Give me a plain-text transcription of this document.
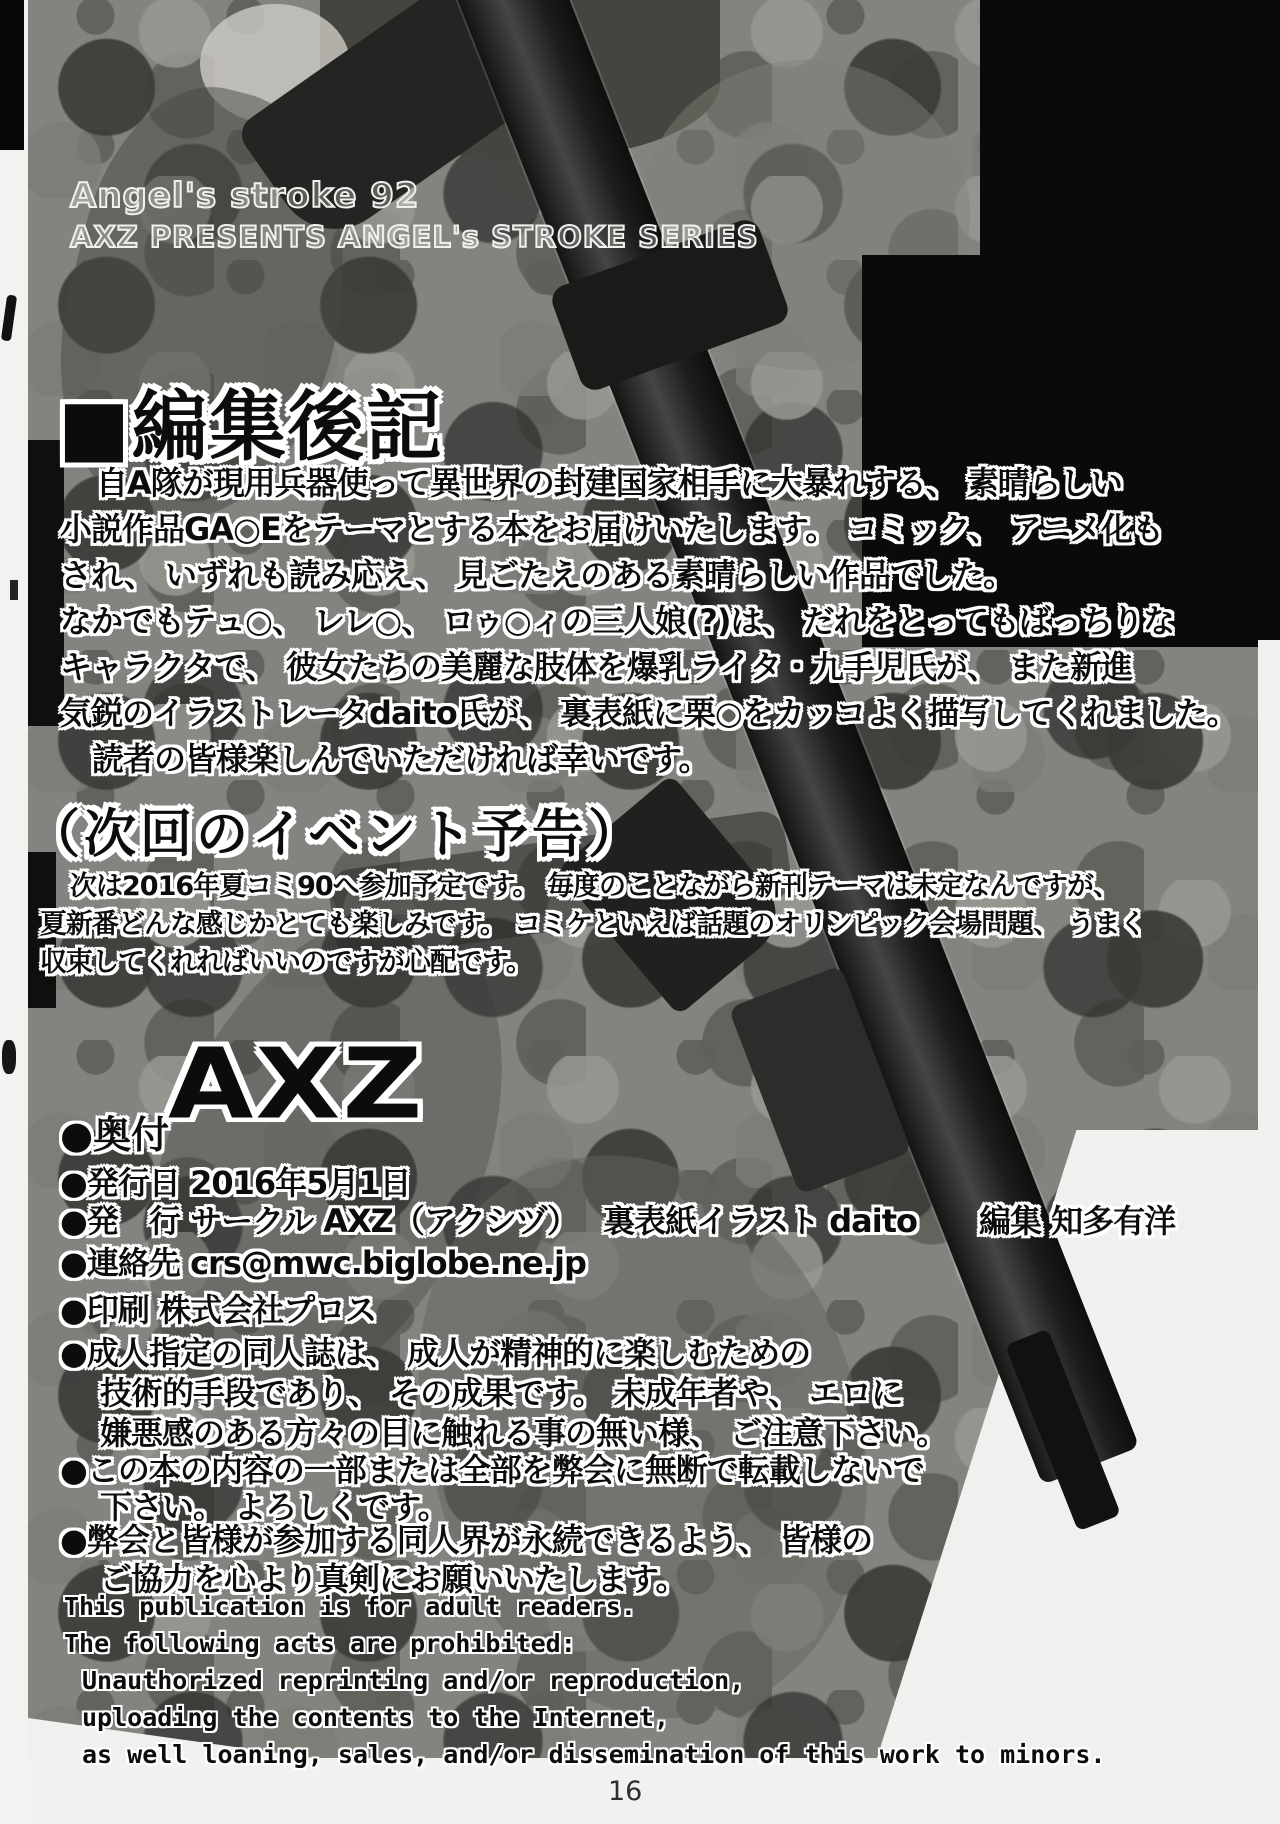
Angel's stroke 92
AXZ PRESENTS ANGEL's STROKE SERIES
■編集後記
自A隊が現用兵器使って異世界の封建国家相手に大暴れする、 素晴らしい
小説作品GA○Eをテーマとする本をお届けいたします。 コミック、 アニメ化も
され、 いずれも読み応え、 見ごたえのある素晴らしい作品でした。
なかでもテュ○、 レレ○、 ロゥ○ィの三人娘(?)は、 だれをとってもばっちりな
キャラクタで、 彼女たちの美麗な肢体を爆乳ライタ・九手児氏が、 また新進
気鋭のイラストレータdaito氏が、 裏表紙に栗○をカッコよく描写してくれました。
読者の皆様楽しんでいただければ幸いです。
（次回のイベント予告）
次は2016年夏コミ90へ参加予定です。 毎度のことながら新刊テーマは未定なんですが、
夏新番どんな感じかとても楽しみです。 コミケといえば話題のオリンピック会場問題、 うまく
収束してくれればいいのですが心配です。
AXZ
●奥付
●発行日 2016年5月1日
●発　行 サークル AXZ（アクシヅ）　 裏表紙イラスト daito　　編集 知多有洋
●連絡先 crs@mwc.biglobe.ne.jp
●印刷 株式会社プロス
●成人指定の同人誌は、 成人が精神的に楽しむための
技術的手段であり、 その成果です。 未成年者や、 エロに
嫌悪感のある方々の目に触れる事の無い様、 ご注意下さい。
●この本の内容の一部または全部を弊会に無断で転載しないで
下さい。 よろしくです。
●弊会と皆様が参加する同人界が永続できるよう、 皆様の
ご協力を心より真剣にお願いいたします。
This publication is for adult readers.
The following acts are prohibited:
Unauthorized reprinting and/or reproduction,
uploading the contents to the Internet,
as well loaning, sales, and/or dissemination of this work to minors.
16
